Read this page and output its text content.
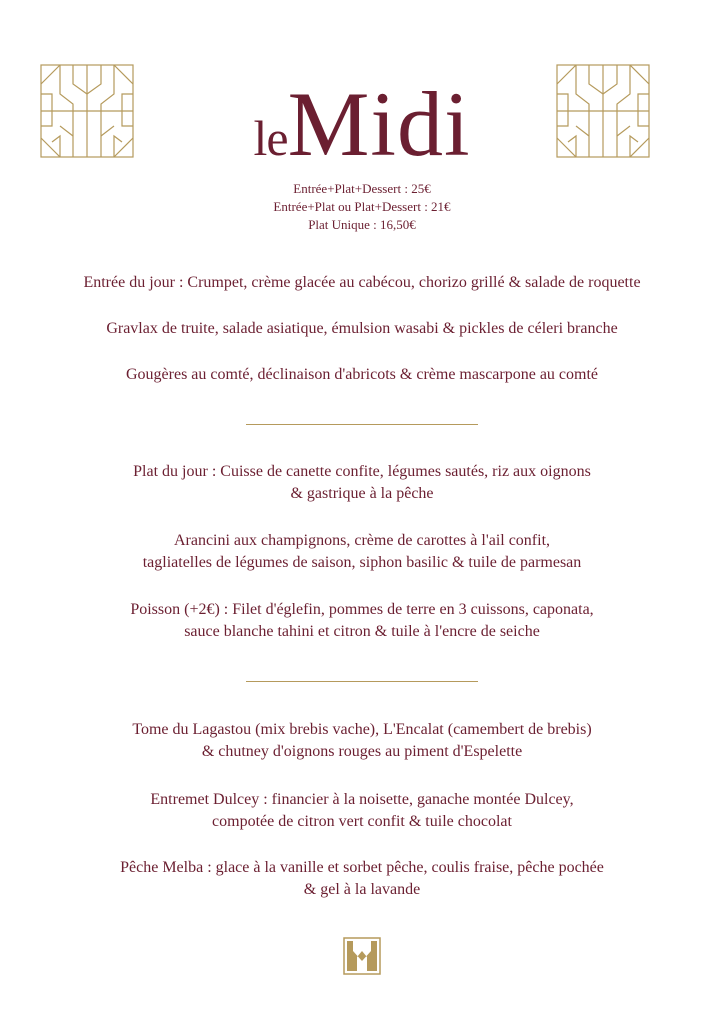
leMidi
Entrée+Plat+Dessert : 25€
Entrée+Plat ou Plat+Dessert : 21€
Plat Unique : 16,50€

Entrée du jour : Crumpet, crème glacée au cabécou, chorizo grillé & salade de roquette

Gravlax de truite, salade asiatique, émulsion wasabi & pickles de céleri branche

Gougères au comté, déclinaison d'abricots & crème mascarpone au comté

Plat du jour : Cuisse de canette confite, légumes sautés, riz aux oignons

& gastrique à la pêche

Arancini aux champignons, crème de carottes à l'ail confit,

tagliatelles de légumes de saison, siphon basilic & tuile de parmesan

Poisson (+2€) : Filet d'églefin, pommes de terre en 3 cuissons, caponata,

sauce blanche tahini et citron & tuile à l'encre de seiche

Tome du Lagastou (mix brebis vache), L'Encalat (camembert de brebis)

& chutney d'oignons rouges au piment d'Espelette

Entremet Dulcey : financier à la noisette, ganache montée Dulcey,

compotée de citron vert confit & tuile chocolat

Pêche Melba : glace à la vanille et sorbet pêche, coulis fraise, pêche pochée

& gel à la lavande
